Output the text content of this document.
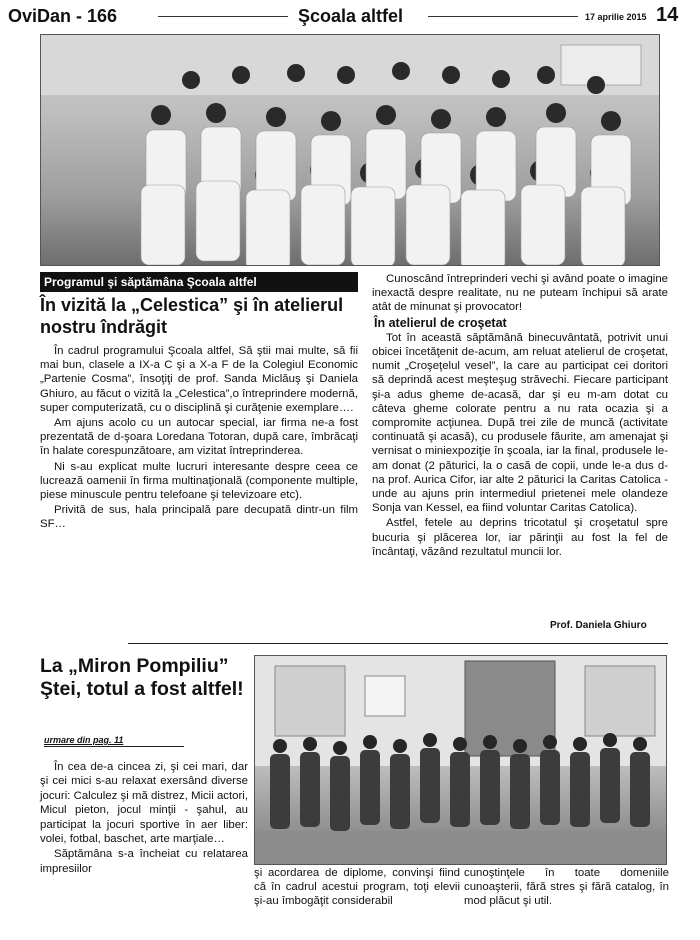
OviDan - 166	Şcoala altfel	17 aprilie 2015 14
Programul şi săptămâna Şcoala altfel
În vizită la „Celestica” şi în atelierul nostru îndrăgit

În cadrul programului Şcoala altfel, Să ştii mai multe, să fii mai bun, clasele a IX-a C şi a X-a F de la Colegiul Economic „Partenie Cosma”, însoţiţi de prof. Sanda Miclăuş şi Daniela Ghiuro, au făcut o vizită la „Celestica”,o întreprindere modernă, super computerizată, cu o disciplină şi curăţenie exemplare….

Am ajuns acolo cu un autocar special, iar firma ne-a fost prezentată de d-şoara Loredana Totoran, după care, îmbrăcaţi în halate corespunzătoare, am vizitat întreprinderea.

Ni s-au explicat multe lucruri interesante despre ceea ce lucrează oamenii în firma multinaţională (componente multiple, piese minuscule pentru telefoane şi televizoare etc).

Privită de sus, hala principală pare decupată dintr-un film SF…

Cunoscând întreprinderi vechi şi având poate o imagine inexactă despre realitate, nu ne puteam închipui să arate atât de minunat şi provocator!

În atelierul de croşetat

Tot în această săptămână binecuvântată, potrivit unui obicei încetăţenit de-acum, am reluat atelierul de croşetat, numit „Croşeţelul vesel”, la care au participat cei doritori să deprindă acest meşteşug străvechi. Fiecare participant şi-a adus gheme de-acasă, dar şi eu m-am dotat cu câteva gheme colorate pentru a nu rata ocazia şi a compromite acţiunea. După trei zile de muncă (activitate continuată şi acasă), cu produsele făurite, am amenajat şi vernisat o miniexpoziţie în şcoala, iar la final, produsele le-am donat (2 păturici, la o casă de copii, unde le-a dus d-na prof. Aurica Cifor, iar alte 2 păturici la Caritas Catolica - unde au ajuns prin intermediul prietenei mele olandeze Sonja van Kessel, ea fiind voluntar Caritas Catolica).

Astfel, fetele au deprins tricotatul şi croşetatul spre bucuria şi plăcerea lor, iar părinţii au fost la fel de încântaţi, văzând rezultatul muncii lor.

Prof. Daniela Ghiuro
La „Miron Pompiliu” Ştei, totul a fost altfel!
urmare din pag. 11

În cea de-a cincea zi, şi cei mari, dar şi cei mici s-au relaxat exersând diverse jocuri: Calculez şi mă distrez, Micii actori, Micul pieton, jocul minţii - şahul, au participat la jocuri sportive în aer liber: volei, fotbal, baschet, arte marţiale…

Săptămâna s-a încheiat cu relatarea impresiilor	şi acordarea de diplome, convinşi fiind că în cadrul acestui program, toţi elevii şi-au îmbogăţit considerabil

cunoştinţele în toate domeniile cunoaşterii, fără stres şi fără catalog, în mod plăcut şi util.
